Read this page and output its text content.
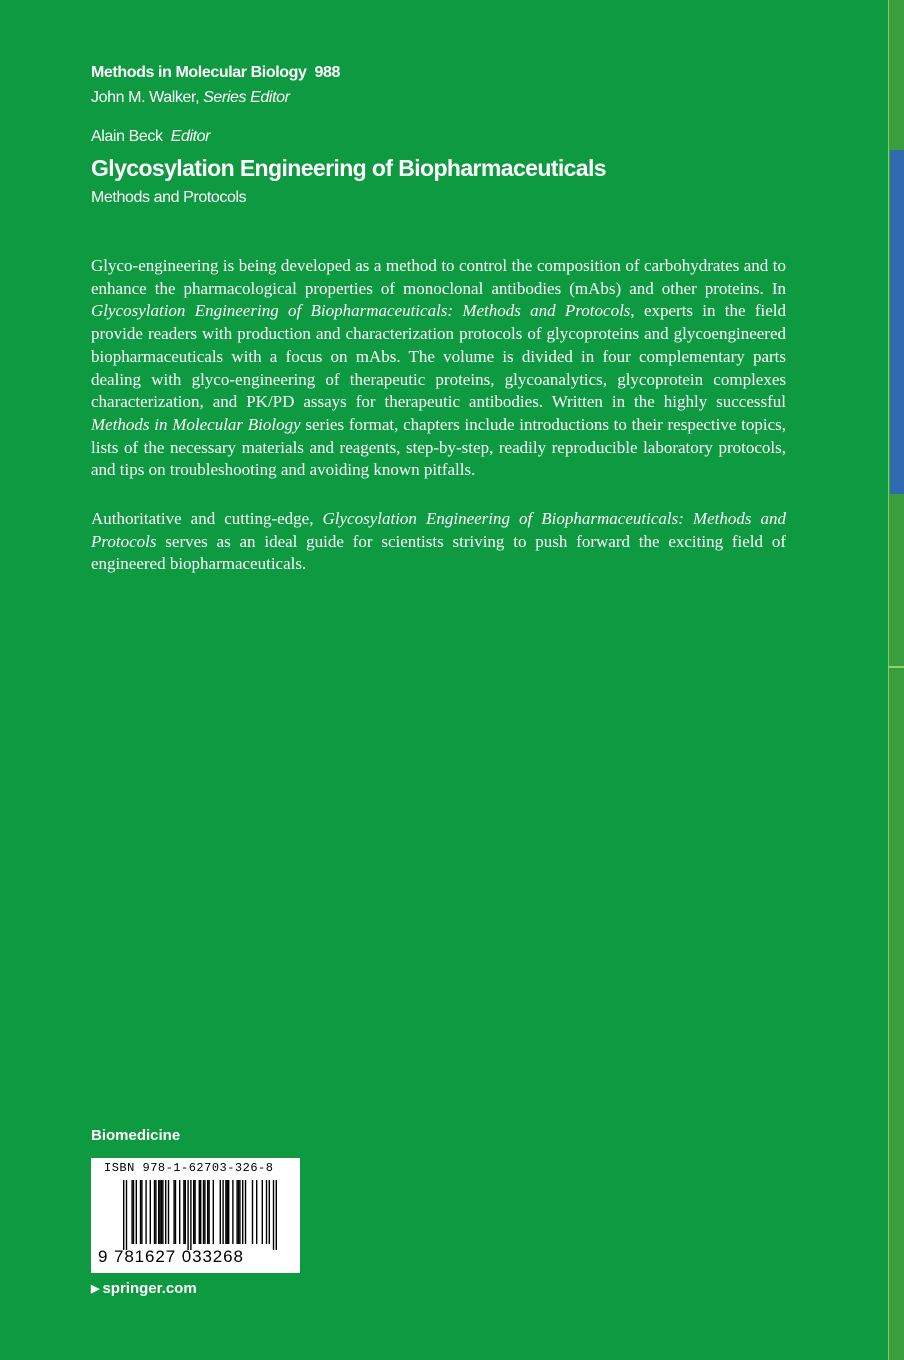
Methods in Molecular Biology 988
John M. Walker, Series Editor
Alain Beck Editor
Glycosylation Engineering of Biopharmaceuticals
Methods and Protocols

Glyco-engineering is being developed as a method to control the composition of carbohydrates and to enhance the pharmacological properties of monoclonal antibodies (mAbs) and other proteins. In Glycosylation Engineering of Biopharmaceuticals: Methods and Protocols, experts in the field provide readers with production and characterization protocols of glycoproteins and glycoengineered biopharmaceuticals with a focus on mAbs. The volume is divided in four complementary parts dealing with glyco-engineering of therapeutic proteins, glycoanalytics, glycoprotein complexes characterization, and PK/PD assays for therapeutic antibodies. Written in the highly successful Methods in Molecular Biology series format, chapters include introductions to their respective topics, lists of the necessary materials and reagents, step-by-step, readily reproducible laboratory protocols, and tips on troubleshooting and avoiding known pitfalls.

Authoritative and cutting-edge, Glycosylation Engineering of Biopharmaceuticals: Methods and Protocols serves as an ideal guide for scientists striving to push forward the exciting field of engineered biopharmaceuticals.

Biomedicine
ISBN 978-1-62703-326-8
9 781627 033268
▶ springer.com
